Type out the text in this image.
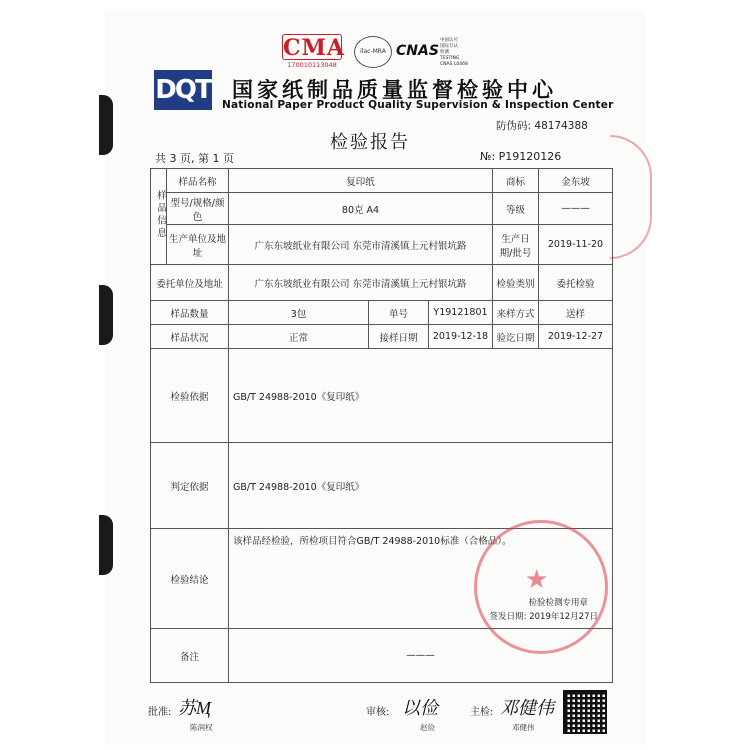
CMA
170010113048
ilac-MRA CNAS
中国认可
国际互认
检测
TESTING
CNAS L0468
DQT 国家纸制品质量监督检验中心
National Paper Product Quality Supervision & Inspection Center
防伪码: 48174388
检验报告
共 3 页, 第 1 页	№: P19120126
样品信息	样品名称	复印纸			商标	金东坡
	型号/规格/颜色	80克 A4			等级	———
	生产单位及地址	广东东坡纸业有限公司 东莞市清溪镇上元村银坑路			生产日期/批号	2019-11-20
委托单位及地址		广东东坡纸业有限公司 东莞市清溪镇上元村银坑路			检验类别	委托检验
样品数量		3包	单号	Y19121801	来样方式	送样
样品状况		正常	接样日期	2019-12-18	验讫日期	2019-12-27
检验依据		GB/T 24988-2010《复印纸》				
判定依据		GB/T 24988-2010《复印纸》				
检验结论		该样品经检验，所检项目符合GB/T 24988-2010标准（合格品）。
检验检测专用章
签发日期: 2019年12月27日				

备注		———				
★
批准: 苏Ӎ
陈润权
审核: 以俭
赵俭
主检: 邓健伟
邓健伟
